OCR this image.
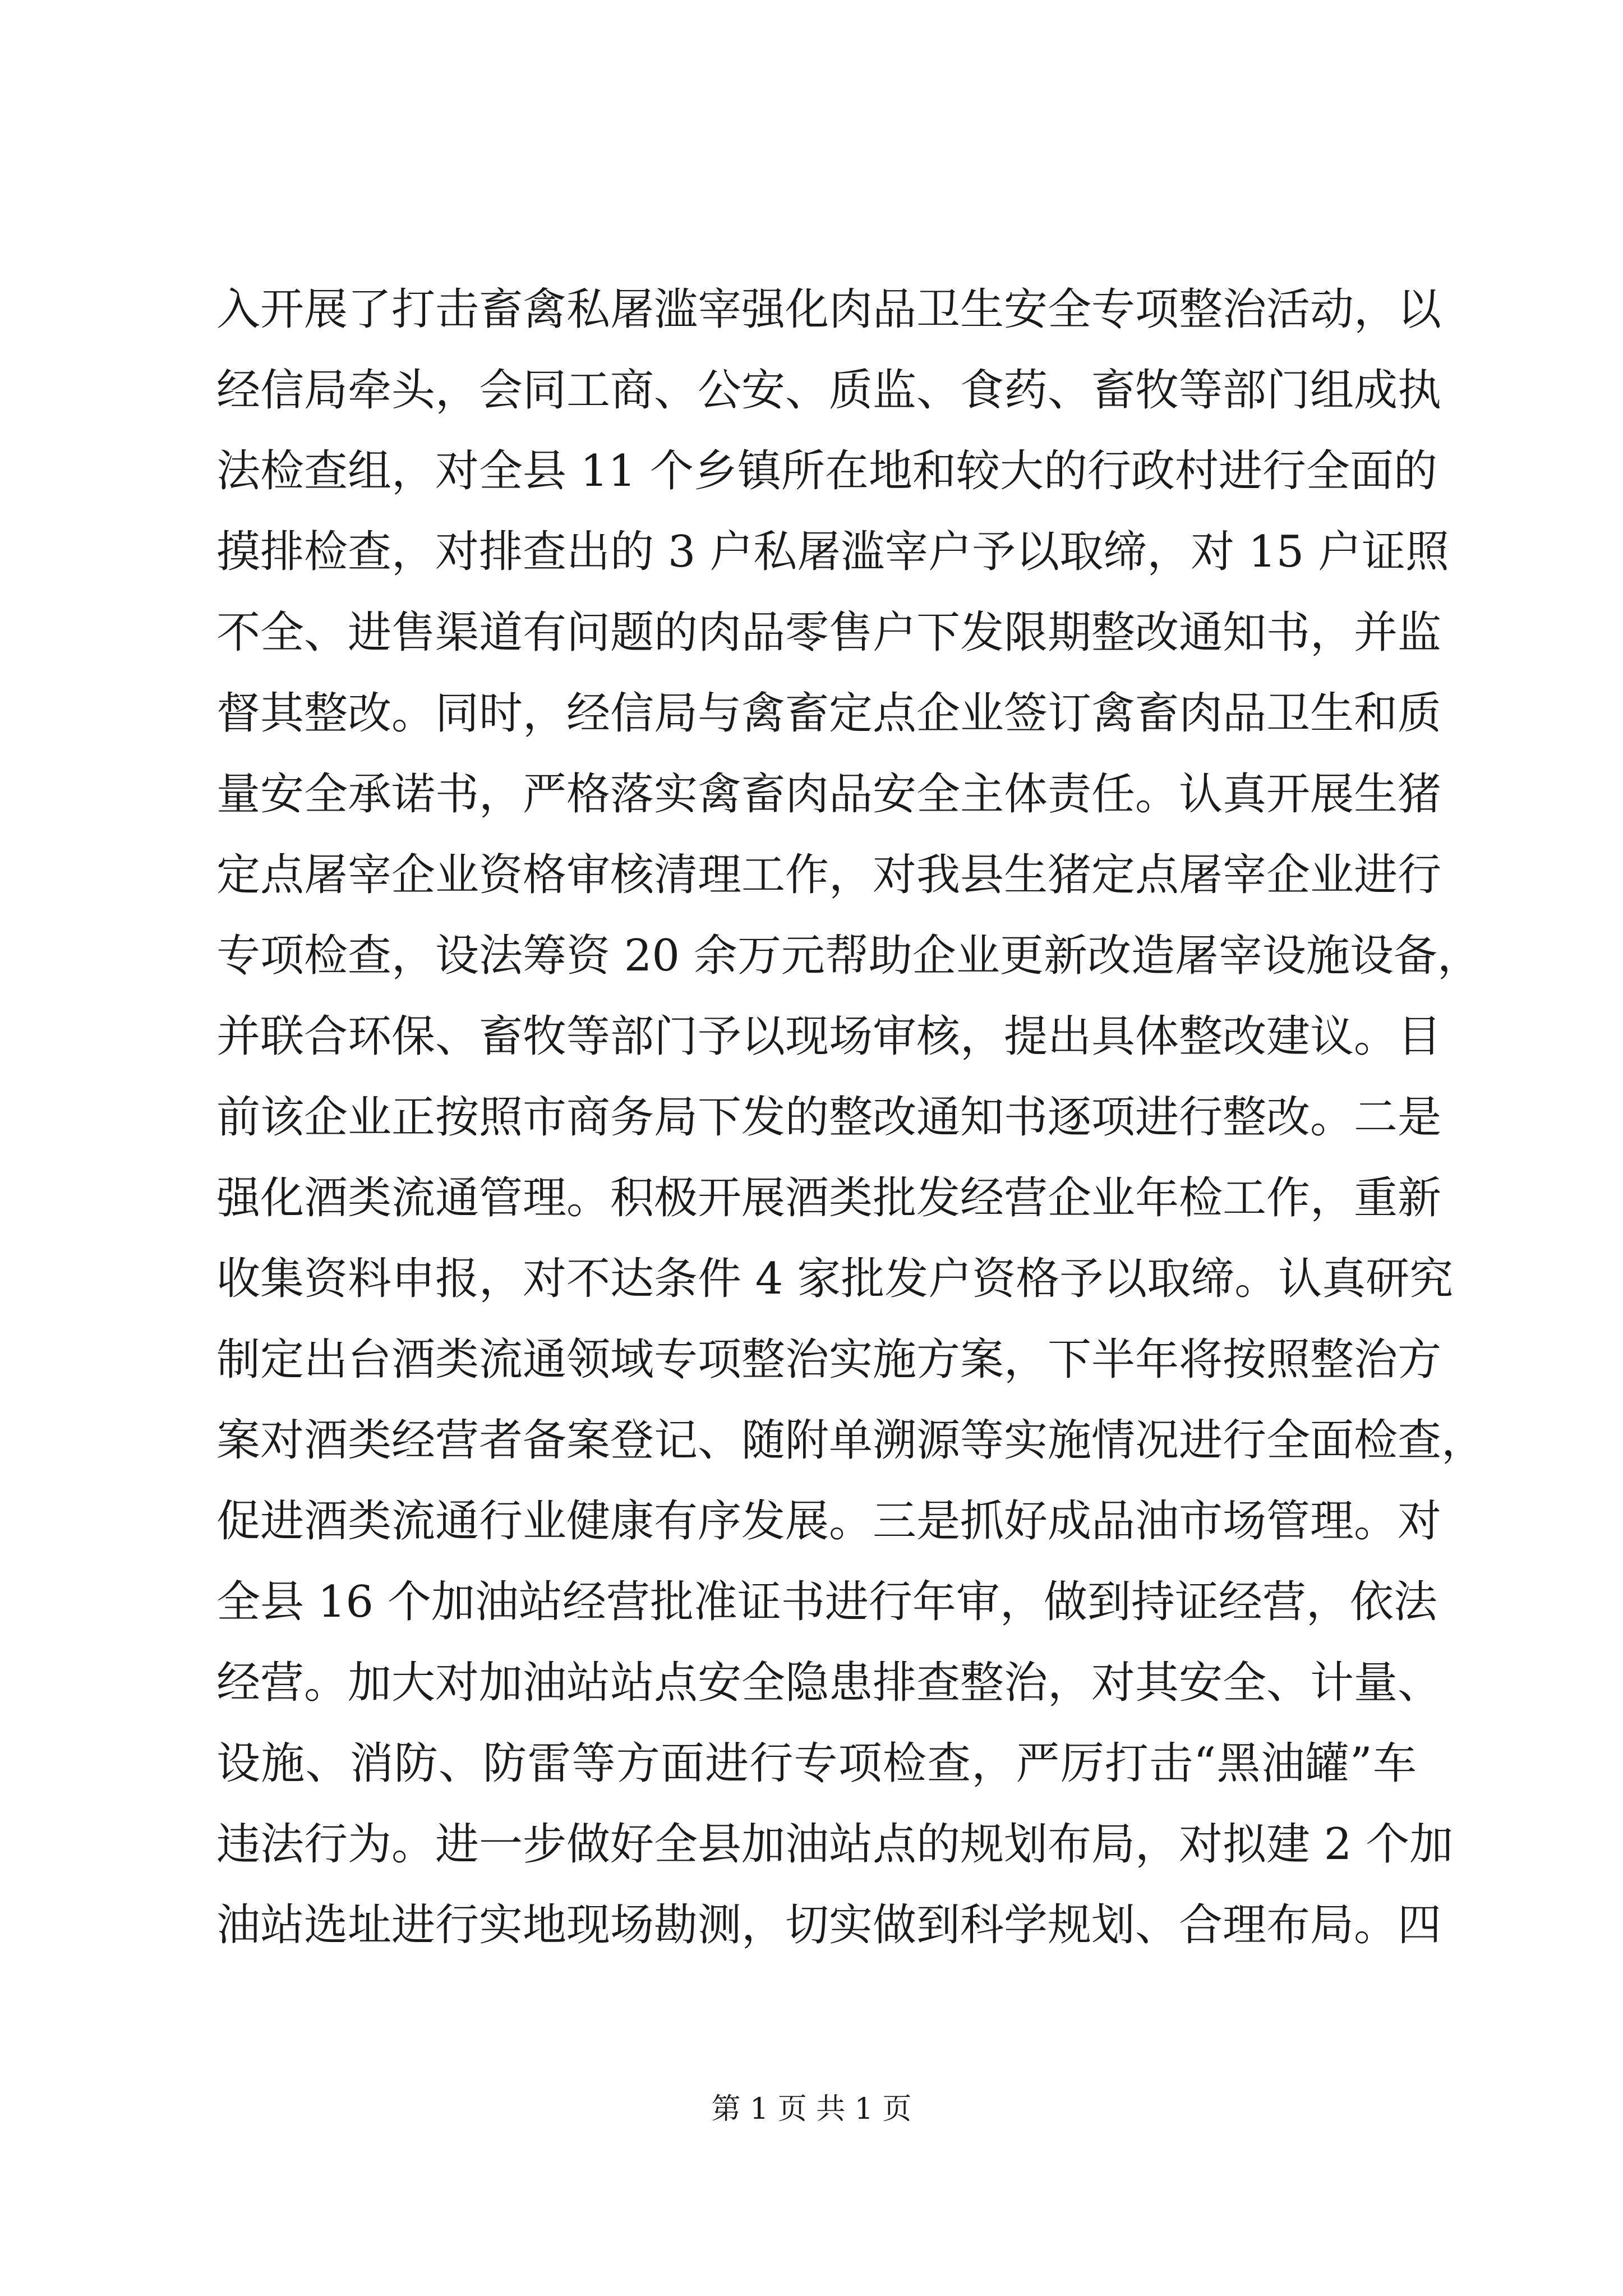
入开展了打击畜禽私屠滥宰强化肉品卫生安全专项整治活动，以
经信局牵头，会同工商、公安、质监、食药、畜牧等部门组成执
法检查组，对全县 11 个乡镇所在地和较大的行政村进行全面的
摸排检查，对排查出的 3 户私屠滥宰户予以取缔，对 15 户证照
不全、进售渠道有问题的肉品零售户下发限期整改通知书，并监
督其整改。同时，经信局与禽畜定点企业签订禽畜肉品卫生和质
量安全承诺书，严格落实禽畜肉品安全主体责任。认真开展生猪
定点屠宰企业资格审核清理工作，对我县生猪定点屠宰企业进行
专项检查，设法筹资 20 余万元帮助企业更新改造屠宰设施设备，
并联合环保、畜牧等部门予以现场审核，提出具体整改建议。目
前该企业正按照市商务局下发的整改通知书逐项进行整改。二是
强化酒类流通管理。积极开展酒类批发经营企业年检工作，重新
收集资料申报，对不达条件 4 家批发户资格予以取缔。认真研究
制定出台酒类流通领域专项整治实施方案，下半年将按照整治方
案对酒类经营者备案登记、随附单溯源等实施情况进行全面检查，
促进酒类流通行业健康有序发展。三是抓好成品油市场管理。对
全县 16 个加油站经营批准证书进行年审，做到持证经营，依法
经营。加大对加油站站点安全隐患排查整治，对其安全、计量、
设施、消防、防雷等方面进行专项检查，严厉打击“黑油罐”车
违法行为。进一步做好全县加油站点的规划布局，对拟建 2 个加
油站选址进行实地现场勘测，切实做到科学规划、合理布局。四
第 1 页 共 1 页
